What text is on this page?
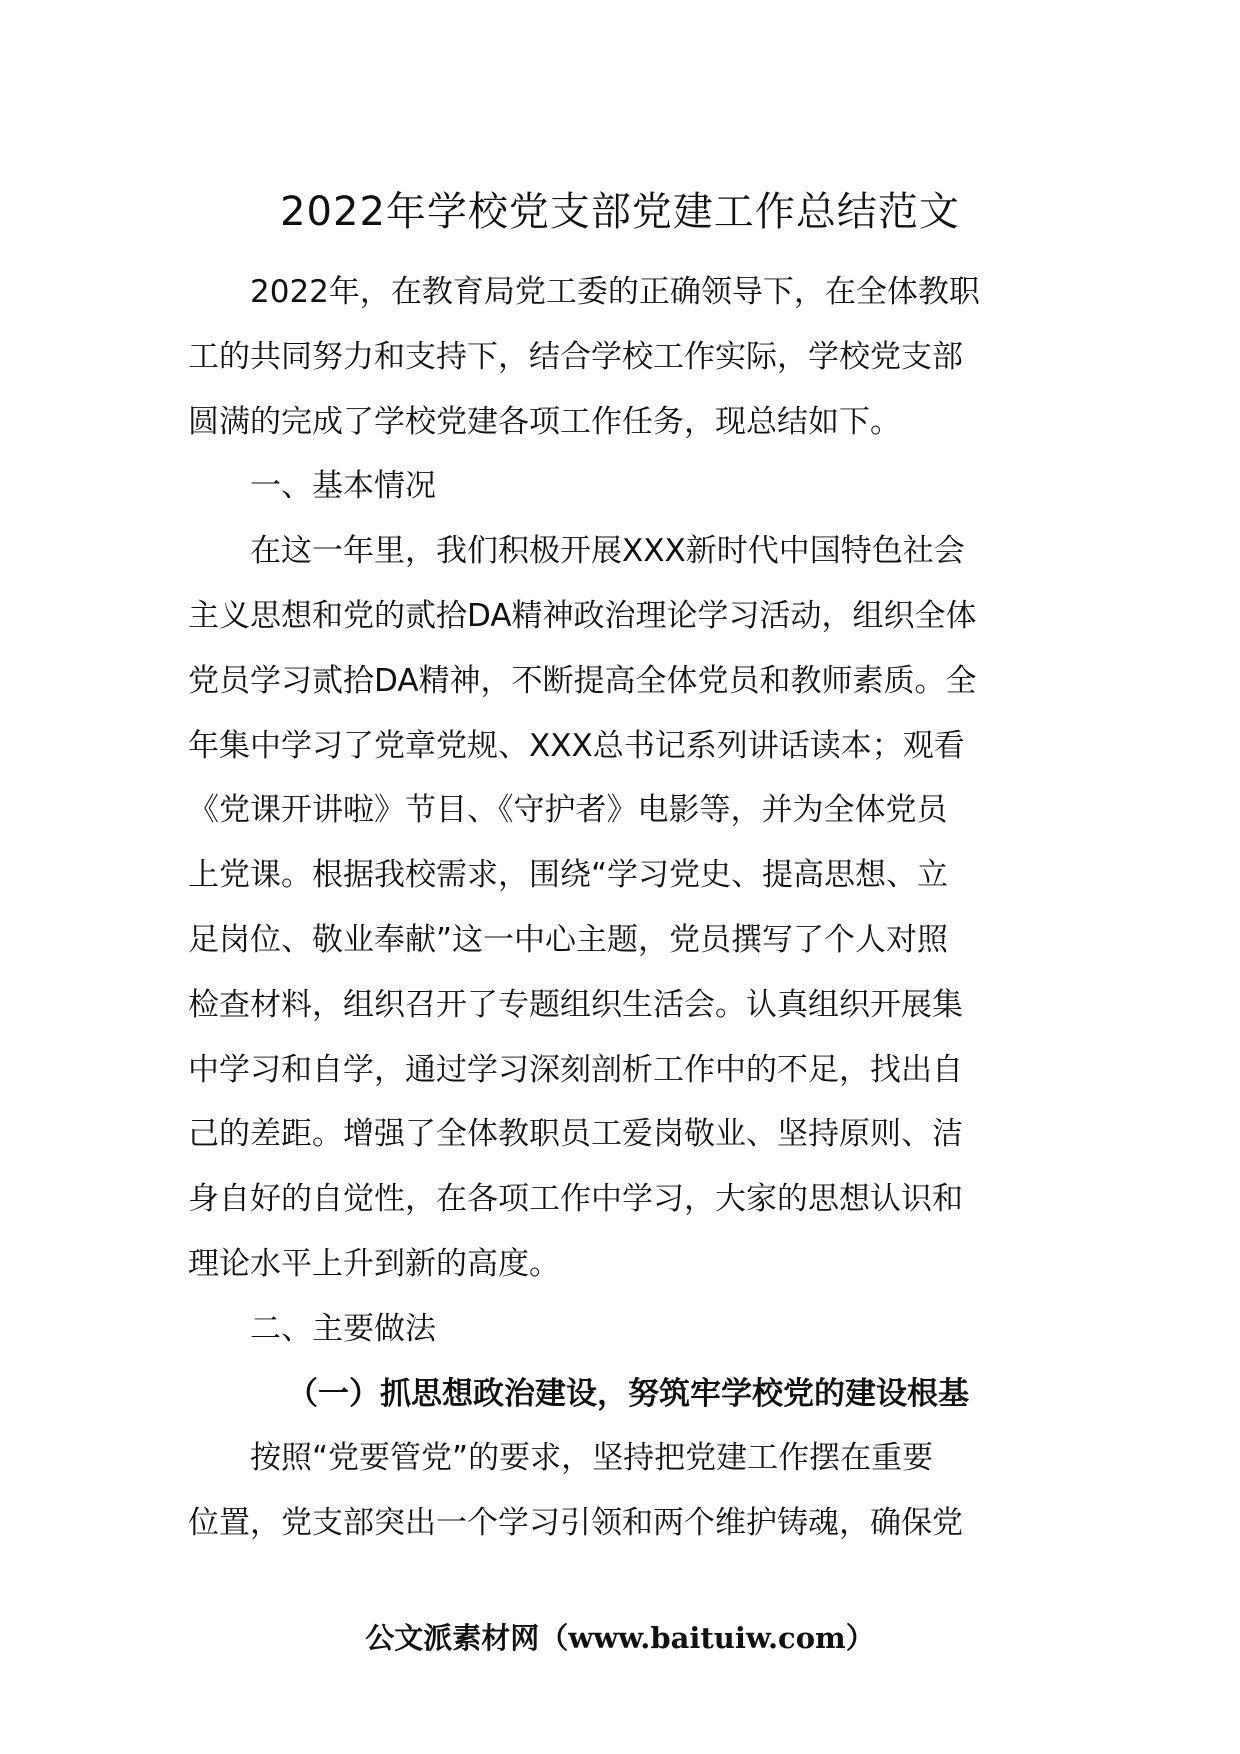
2022年学校党支部党建工作总结范文
2022年，在教育局党工委的正确领导下，在全体教职
工的共同努力和支持下，结合学校工作实际，学校党支部
圆满的完成了学校党建各项工作任务，现总结如下。
一、基本情况
在这一年里，我们积极开展XXX新时代中国特色社会
主义思想和党的贰拾DA精神政治理论学习活动，组织全体
党员学习贰拾DA精神，不断提高全体党员和教师素质。全
年集中学习了党章党规、XXX总书记系列讲话读本；观看
《党课开讲啦》节目、《守护者》电影等，并为全体党员
上党课。根据我校需求，围绕“学习党史、提高思想、立
足岗位、敬业奉献”这一中心主题，党员撰写了个人对照
检查材料，组织召开了专题组织生活会。认真组织开展集
中学习和自学，通过学习深刻剖析工作中的不足，找出自
己的差距。增强了全体教职员工爱岗敬业、坚持原则、洁
身自好的自觉性，在各项工作中学习，大家的思想认识和
理论水平上升到新的高度。
二、主要做法
（一）抓思想政治建设，努筑牢学校党的建设根基
按照“党要管党”的要求，坚持把党建工作摆在重要
位置，党支部突出一个学习引领和两个维护铸魂，确保党
公文派素材网（www.baituiw.com）
